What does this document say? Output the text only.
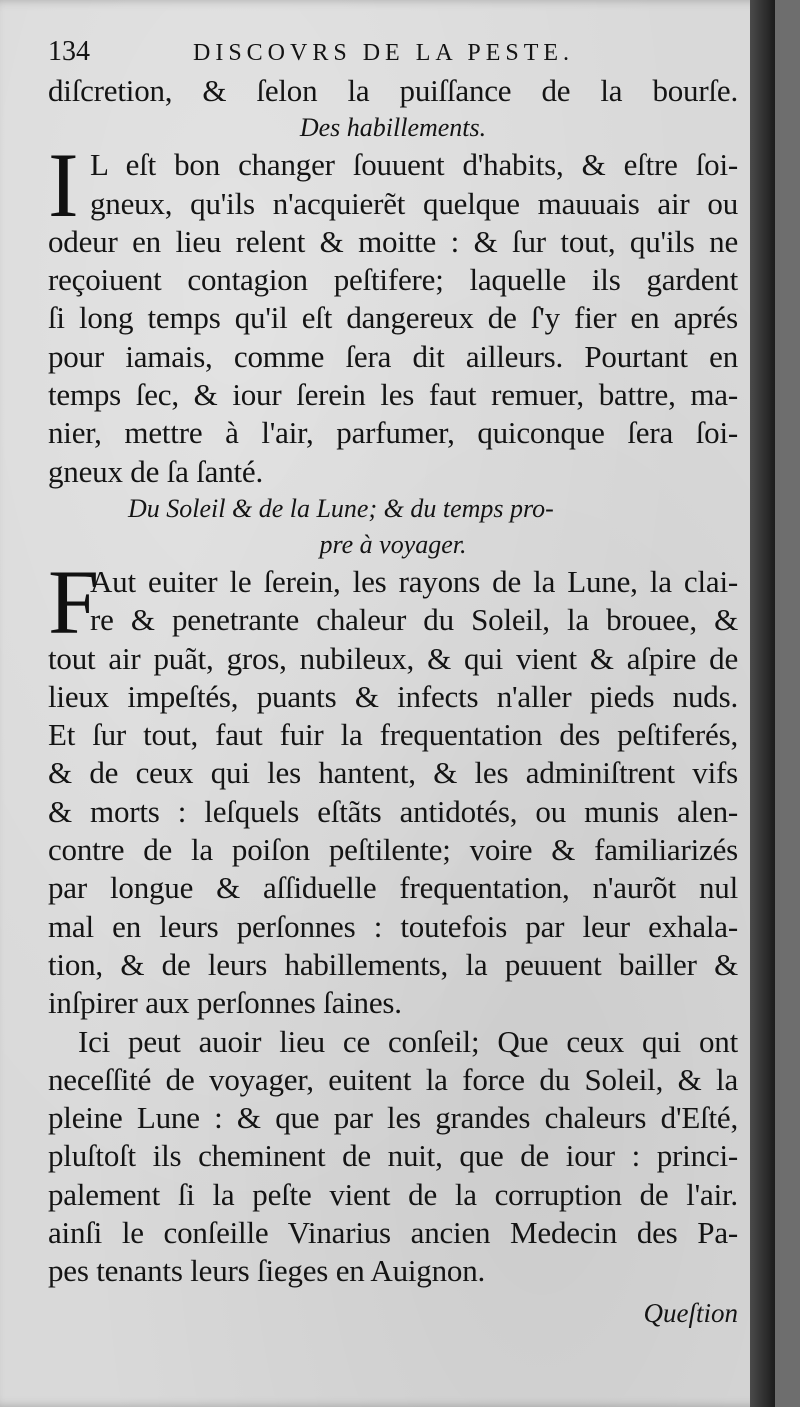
134	DISCOVRS DE LA PESTE.
diſcretion, & ſelon la puiſſance de la bourſe.
Des habillements.
I L eſt bon changer ſouuent d'habits, & eſtre ſoi-
gneux, qu'ils n'acquierẽt quelque mauuais air ou
odeur en lieu relent & moitte : & ſur tout, qu'ils ne
reçoiuent contagion peſtifere; laquelle ils gardent
ſi long temps qu'il eſt dangereux de ſ'y fier en aprés
pour iamais, comme ſera dit ailleurs. Pourtant en
temps ſec, & iour ſerein les faut remuer, battre, ma-
nier, mettre à l'air, parfumer, quiconque ſera ſoi-
gneux de ſa ſanté.
Du Soleil & de la Lune; & du temps pro-
pre à voyager.
F
Aut euiter le ſerein, les rayons de la Lune, la clai-
re & penetrante chaleur du Soleil, la brouee, &
tout air puãt, gros, nubileux, & qui vient & aſpire de
lieux impeſtés, puants & infects n'aller pieds nuds.
Et ſur tout, faut fuir la frequentation des peſtiferés,
& de ceux qui les hantent, & les adminiſtrent vifs
& morts : leſquels eſtãts antidotés, ou munis alen-
contre de la poiſon peſtilente; voire & familiarizés
par longue & aſſiduelle frequentation, n'aurõt nul
mal en leurs perſonnes : toutefois par leur exhala-
tion, & de leurs habillements, la peuuent bailler &
inſpirer aux perſonnes ſaines.
Ici peut auoir lieu ce conſeil; Que ceux qui ont
neceſſité de voyager, euitent la force du Soleil, & la
pleine Lune : & que par les grandes chaleurs d'Eſté,
pluſtoſt ils cheminent de nuit, que de iour : princi-
palement ſi la peſte vient de la corruption de l'air.
ainſi le conſeille Vinarius ancien Medecin des Pa-
pes tenants leurs ſieges en Auignon.
Queſtion
